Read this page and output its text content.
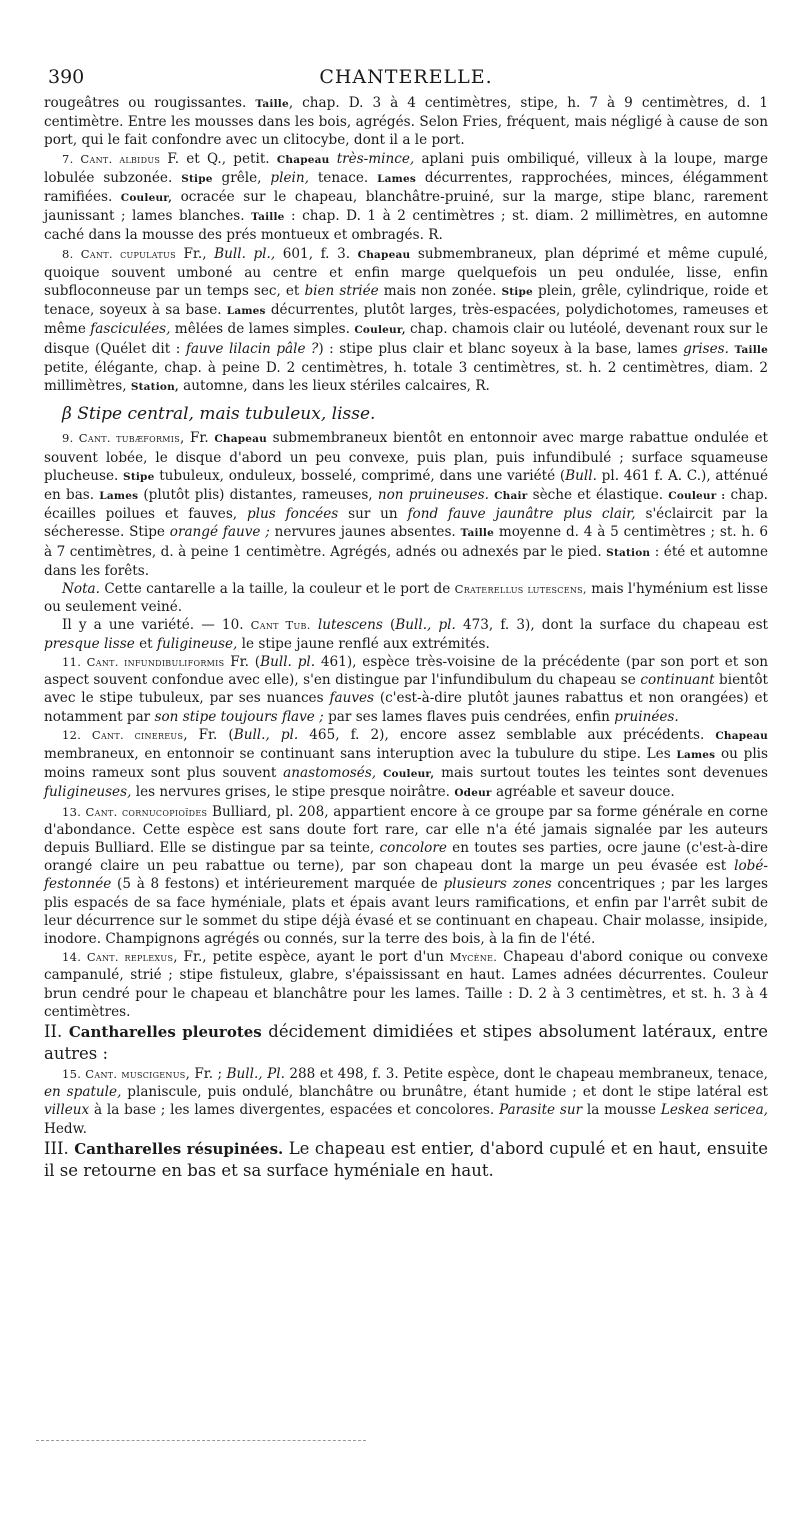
390	CHANTERELLE.

rougeâtres ou rougissantes. Taille, chap. D. 3 à 4 centimètres, stipe, h. 7 à 9 centimètres, d. 1 centimètre. Entre les mousses dans les bois, agrégés. Selon Fries, fréquent, mais négligé à cause de son port, qui le fait confondre avec un clitocybe, dont il a le port.

7. Cant. albidus F. et Q., petit. Chapeau très-mince, aplani puis ombiliqué, villeux à la loupe, marge lobulée subzonée. Stipe grêle, plein, tenace. Lames décurrentes, rapprochées, minces, élégamment ramifiées. Couleur, ocracée sur le chapeau, blanchâtre-pruiné, sur la marge, stipe blanc, rarement jaunissant ; lames blanches. Taille : chap. D. 1 à 2 centimètres ; st. diam. 2 millimètres, en automne caché dans la mousse des prés montueux et ombragés. R.

8. Cant. cupulatus Fr., Bull. pl., 601, f. 3. Chapeau submembraneux, plan déprimé et même cupulé, quoique souvent umboné au centre et enfin marge quelquefois un peu ondulée, lisse, enfin subfloconneuse par un temps sec, et bien striée mais non zonée. Stipe plein, grêle, cylindrique, roide et tenace, soyeux à sa base. Lames décurrentes, plutôt larges, très-espacées, polydichotomes, rameuses et même fasciculées, mêlées de lames simples. Couleur, chap. chamois clair ou lutéolé, devenant roux sur le disque (Quélet dit : fauve lilacin pâle ?) : stipe plus clair et blanc soyeux à la base, lames grises. Taille petite, élégante, chap. à peine D. 2 centimètres, h. totale 3 centimètres, st. h. 2 centimètres, diam. 2 millimètres, Station, automne, dans les lieux stériles calcaires, R.

β Stipe central, mais tubuleux, lisse.

9. Cant. tubæformis, Fr. Chapeau submembraneux bientôt en entonnoir avec marge rabattue ondulée et souvent lobée, le disque d'abord un peu convexe, puis plan, puis infundibulé ; surface squameuse plucheuse. Stipe tubuleux, onduleux, bosselé, comprimé, dans une variété (Bull. pl. 461 f. A. C.), atténué en bas. Lames (plutôt plis) distantes, rameuses, non pruineuses. Chair sèche et élastique. Couleur : chap. écailles poilues et fauves, plus foncées sur un fond fauve jaunâtre plus clair, s'éclaircit par la sécheresse. Stipe orangé fauve ; nervures jaunes absentes. Taille moyenne d. 4 à 5 centimètres ; st. h. 6 à 7 centimètres, d. à peine 1 centimètre. Agrégés, adnés ou adnexés par le pied. Station : été et automne dans les forêts.

Nota. Cette cantarelle a la taille, la couleur et le port de Craterellus lutescens, mais l'hyménium est lisse ou seulement veiné.

Il y a une variété. — 10. Cant Tub. lutescens (Bull., pl. 473, f. 3), dont la surface du chapeau est presque lisse et fuligineuse, le stipe jaune renflé aux extrémités.

11. Cant. infundibuliformis Fr. (Bull. pl. 461), espèce très-voisine de la précédente (par son port et son aspect souvent confondue avec elle), s'en distingue par l'infundibulum du chapeau se continuant bientôt avec le stipe tubuleux, par ses nuances fauves (c'est-à-dire plutôt jaunes rabattus et non orangées) et notamment par son stipe toujours flave ; par ses lames flaves puis cendrées, enfin pruinées.

12. Cant. cinereus, Fr. (Bull., pl. 465, f. 2), encore assez semblable aux précédents. Chapeau membraneux, en entonnoir se continuant sans interuption avec la tubulure du stipe. Les Lames ou plis moins rameux sont plus souvent anastomosés, Couleur, mais surtout toutes les teintes sont devenues fuligineuses, les nervures grises, le stipe presque noirâtre. Odeur agréable et saveur douce.

13. Cant. cornucopioïdes Bulliard, pl. 208, appartient encore à ce groupe par sa forme générale en corne d'abondance. Cette espèce est sans doute fort rare, car elle n'a été jamais signalée par les auteurs depuis Bulliard. Elle se distingue par sa teinte, concolore en toutes ses parties, ocre jaune (c'est-à-dire orangé claire un peu rabattue ou terne), par son chapeau dont la marge un peu évasée est lobé-festonnée (5 à 8 festons) et intérieurement marquée de plusieurs zones concentriques ; par les larges plis espacés de sa face hyméniale, plats et épais avant leurs ramifications, et enfin par l'arrêt subit de leur décurrence sur le sommet du stipe déjà évasé et se continuant en chapeau. Chair molasse, insipide, inodore. Champignons agrégés ou connés, sur la terre des bois, à la fin de l'été.

14. Cant. replexus, Fr., petite espèce, ayant le port d'un Mycène. Chapeau d'abord conique ou convexe campanulé, strié ; stipe fistuleux, glabre, s'épaississant en haut. Lames adnées décurrentes. Couleur brun cendré pour le chapeau et blanchâtre pour les lames. Taille : D. 2 à 3 centimètres, et st. h. 3 à 4 centimètres.

II. Cantharelles pleurotes décidement dimidiées et stipes absolument latéraux, entre autres :

15. Cant. muscigenus, Fr. ; Bull., Pl. 288 et 498, f. 3. Petite espèce, dont le chapeau membraneux, tenace, en spatule, planiscule, puis ondulé, blanchâtre ou brunâtre, étant humide ; et dont le stipe latéral est villeux à la base ; les lames divergentes, espacées et concolores. Parasite sur la mousse Leskea sericea, Hedw.

III. Cantharelles résupinées. Le chapeau est entier, d'abord cupulé et en haut, ensuite il se retourne en bas et sa surface hyméniale en haut.
